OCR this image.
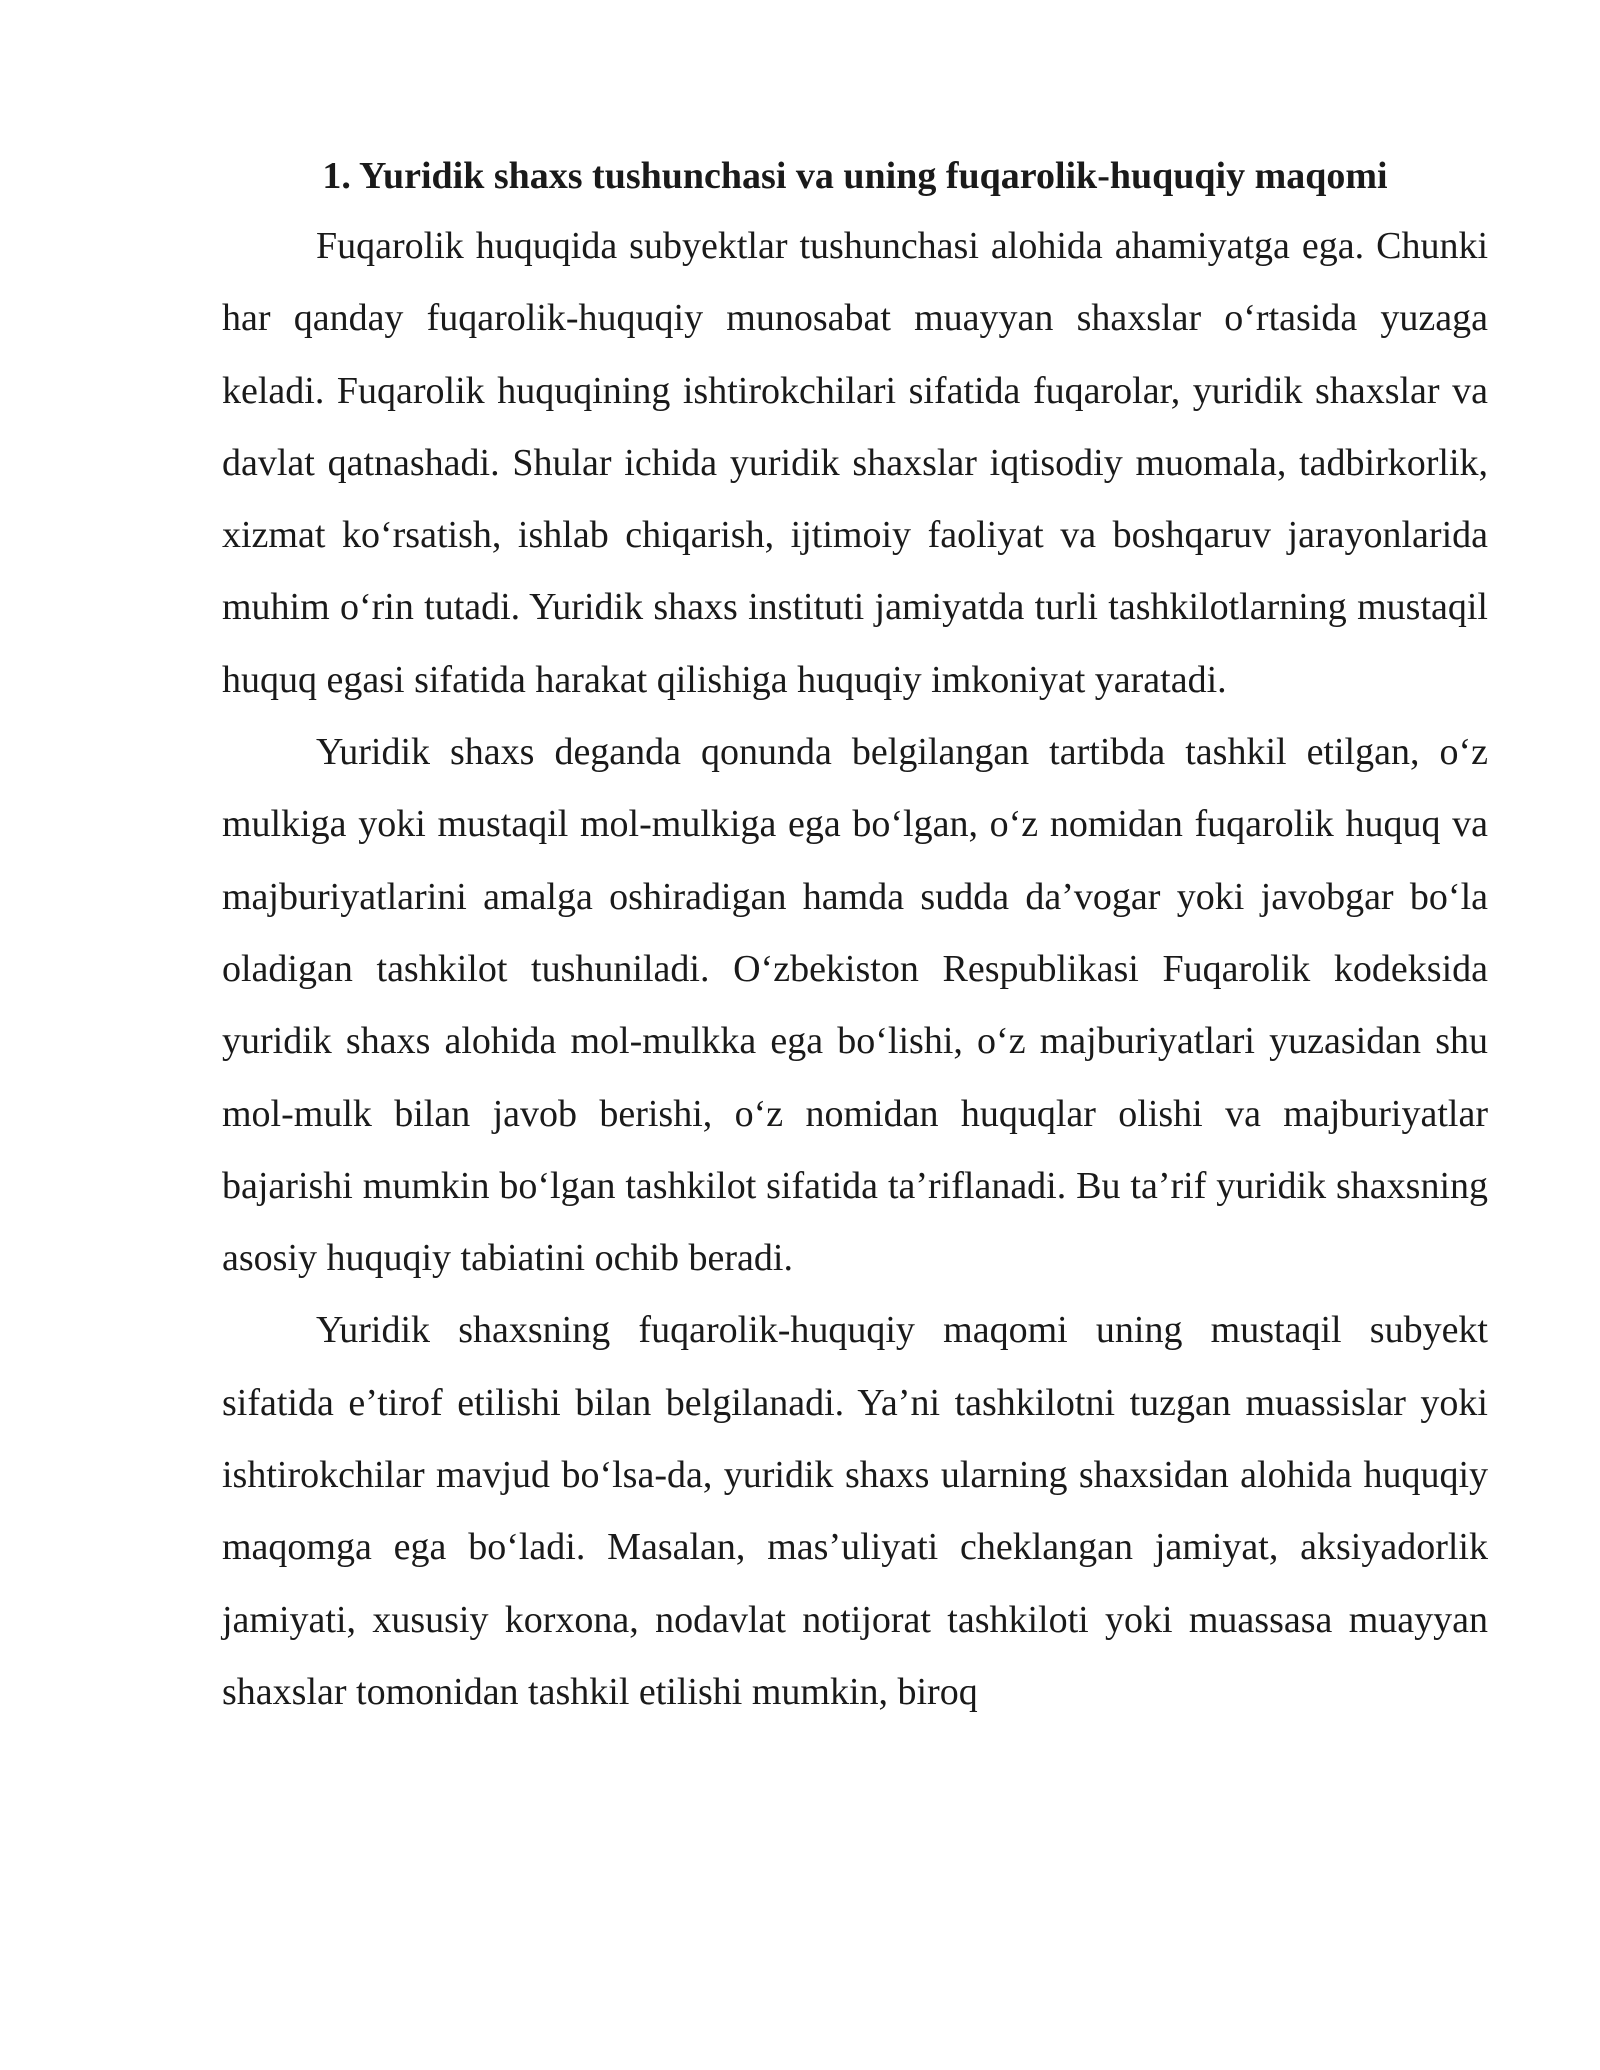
1. Yuridik shaxs tushunchasi va uning fuqarolik-huquqiy maqomi

Fuqarolik huquqida subyektlar tushunchasi alohida ahamiyatga ega. Chunki har qanday fuqarolik-huquqiy munosabat muayyan shaxslar o‘rtasida yuzaga keladi. Fuqarolik huquqining ishtirokchilari sifatida fuqarolar, yuridik shaxslar va davlat qatnashadi. Shular ichida yuridik shaxslar iqtisodiy muomala, tadbirkorlik, xizmat ko‘rsatish, ishlab chiqarish, ijtimoiy faoliyat va boshqaruv jarayonlarida muhim o‘rin tutadi. Yuridik shaxs instituti jamiyatda turli tashkilotlarning mustaqil huquq egasi sifatida harakat qilishiga huquqiy imkoniyat yaratadi.

Yuridik shaxs deganda qonunda belgilangan tartibda tashkil etilgan, o‘z mulkiga yoki mustaqil mol-mulkiga ega bo‘lgan, o‘z nomidan fuqarolik huquq va majburiyatlarini amalga oshiradigan hamda sudda da’vogar yoki javobgar bo‘la oladigan tashkilot tushuniladi. O‘zbekiston Respublikasi Fuqarolik kodeksida yuridik shaxs alohida mol-mulkka ega bo‘lishi, o‘z majburiyatlari yuzasidan shu mol-mulk bilan javob berishi, o‘z nomidan huquqlar olishi va majburiyatlar bajarishi mumkin bo‘lgan tashkilot sifatida ta’riflanadi. Bu ta’rif yuridik shaxsning asosiy huquqiy tabiatini ochib beradi.

Yuridik shaxsning fuqarolik-huquqiy maqomi uning mustaqil subyekt sifatida e’tirof etilishi bilan belgilanadi. Ya’ni tashkilotni tuzgan muassislar yoki ishtirokchilar mavjud bo‘lsa-da, yuridik shaxs ularning shaxsidan alohida huquqiy maqomga ega bo‘ladi. Masalan, mas’uliyati cheklangan jamiyat, aksiyadorlik jamiyati, xususiy korxona, nodavlat notijorat tashkiloti yoki muassasa muayyan shaxslar tomonidan tashkil etilishi mumkin, biroq
